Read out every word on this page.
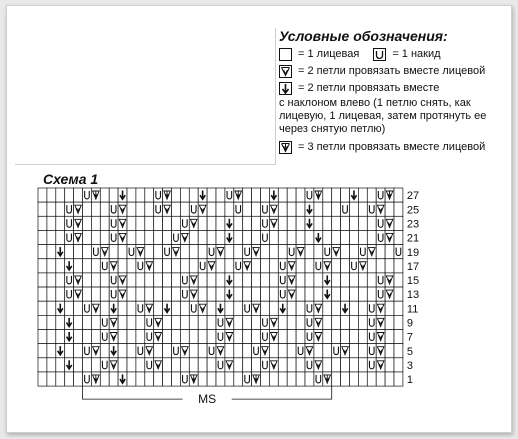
Условные обозначения:
= 1 лицевая	= 1 накид
= 2 петли провязать вместе лицевой
= 2 петли провязать вместе
с наклоном влево (1 петлю снять, как лицевую, 1 лицевая, затем протянуть ее через снятую петлю)
= 3 петли провязать вместе лицевой
Схема 1
27
25
23
21
19
17
15
13
11
9
7
5
3
1
MS
